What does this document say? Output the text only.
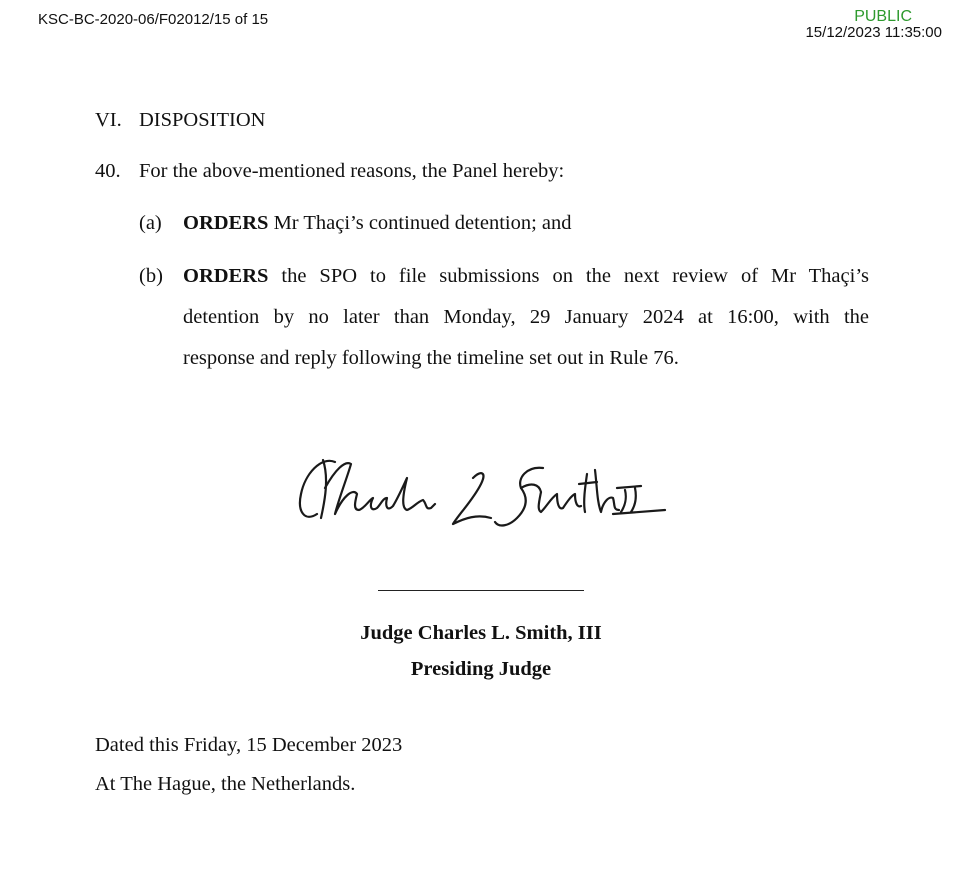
KSC-BC-2020-06/F02012/15 of 15	PUBLIC
15/12/2023 11:35:00
VI. DISPOSITION
40. For the above-mentioned reasons, the Panel hereby:
(a) ORDERS Mr Thaçi’s continued detention; and
(b) ORDERS the SPO to file submissions on the next review of Mr Thaçi’s
detention by no later than Monday, 29 January 2024 at 16:00, with the
response and reply following the timeline set out in Rule 76.
Judge Charles L. Smith, III
Presiding Judge
Dated this Friday, 15 December 2023
At The Hague, the Netherlands.
